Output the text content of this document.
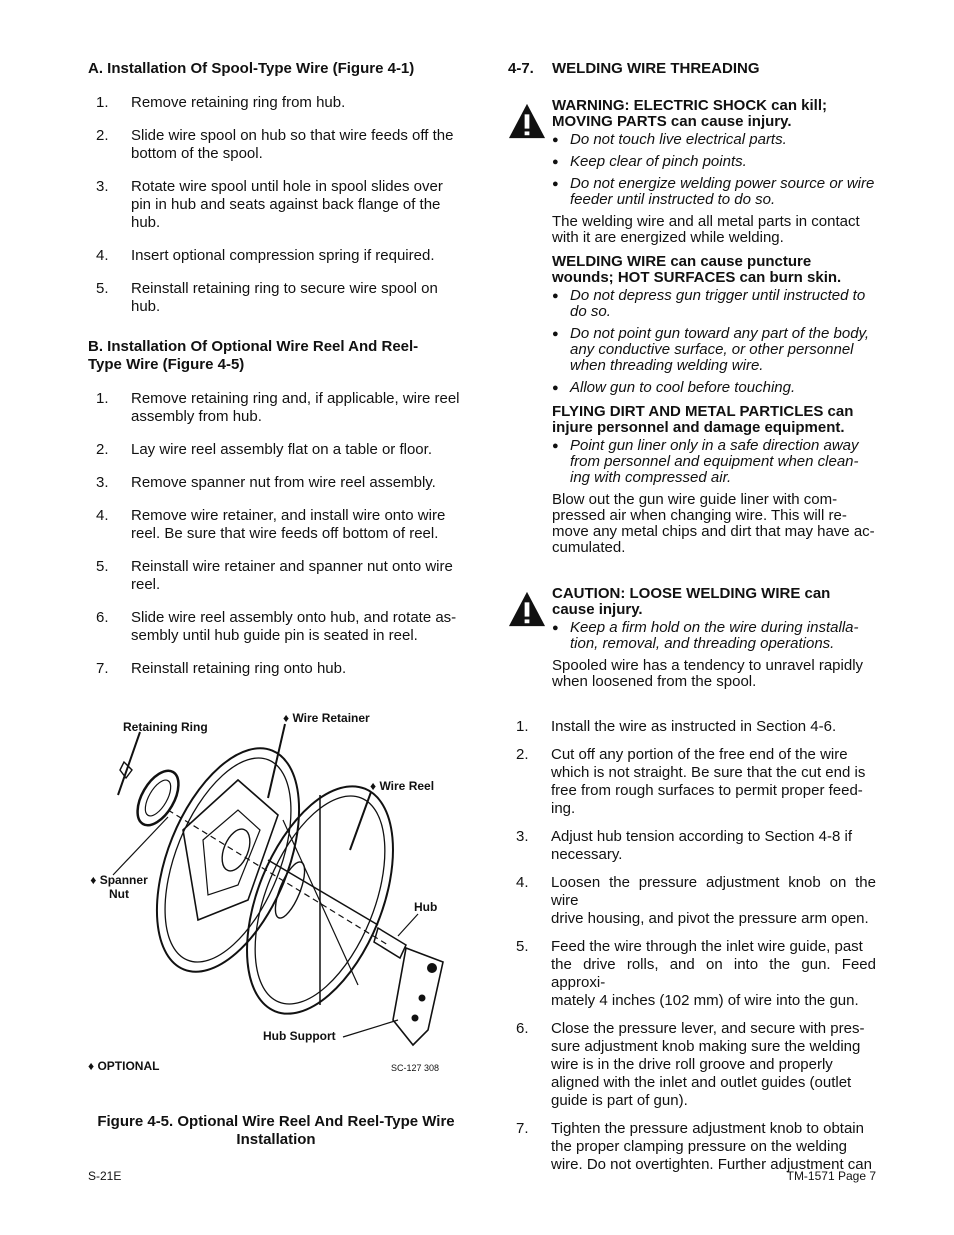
A. Installation Of Spool-Type Wire (Figure 4-1)
1.	Remove retaining ring from hub.
2.	Slide wire spool on hub so that wire feeds off the
bottom of the spool.
3.	Rotate wire spool until hole in spool slides over
pin in hub and seats against back flange of the
hub.
4.	Insert optional compression spring if required.
5.	Reinstall retaining ring to secure wire spool on
hub.
B. Installation Of Optional Wire Reel And Reel-
Type Wire (Figure 4-5)
1.	Remove retaining ring and, if applicable, wire reel
assembly from hub.
2.	Lay wire reel assembly flat on a table or floor.
3.	Remove spanner nut from wire reel assembly.
4.	Remove wire retainer, and install wire onto wire
reel. Be sure that wire feeds off bottom of reel.
5.	Reinstall wire retainer and spanner nut onto wire
reel.
6.	Slide wire reel assembly onto hub, and rotate as-
sembly until hub guide pin is seated in reel.
7.	Reinstall retaining ring onto hub.
Retaining Ring
♦ Wire Retainer
♦ Wire Reel
♦ Spanner
Nut
Hub
Hub Support
♦ OPTIONAL	SC-127 308
Figure 4-5. Optional Wire Reel And Reel-Type Wire
Installation
4-7.	WELDING WIRE THREADING

WARNING: ELECTRIC SHOCK can kill;
MOVING PARTS can cause injury.

● Do not touch live electrical parts.
● Keep clear of pinch points.
● Do not energize welding power source or wire
feeder until instructed to do so.
The welding wire and all metal parts in contact
with it are energized while welding.
WELDING WIRE can cause puncture
wounds; HOT SURFACES can burn skin.
● Do not depress gun trigger until instructed to
do so.
● Do not point gun toward any part of the body,
any conductive surface, or other personnel
when threading welding wire.
● Allow gun to cool before touching.
FLYING DIRT AND METAL PARTICLES can
injure personnel and damage equipment.
● Point gun liner only in a safe direction away
from personnel and equipment when clean-
ing with compressed air.
Blow out the gun wire guide liner with com-
pressed air when changing wire. This will re-
move any metal chips and dirt that may have ac-
cumulated.

CAUTION: LOOSE WELDING WIRE can
cause injury.

● Keep a firm hold on the wire during installa-
tion, removal, and threading operations.
Spooled wire has a tendency to unravel rapidly
when loosened from the spool.
1.	Install the wire as instructed in Section 4-6.
2.	Cut off any portion of the free end of the wire
which is not straight. Be sure that the cut end is
free from rough surfaces to permit proper feed-
ing.
3.	Adjust hub tension according to Section 4-8 if
necessary.
4.	Loosen the pressure adjustment knob on the wire
drive housing, and pivot the pressure arm open.
5.	Feed the wire through the inlet wire guide, past
the drive rolls, and on into the gun. Feed approxi-
mately 4 inches (102 mm) of wire into the gun.
6.	Close the pressure lever, and secure with pres-
sure adjustment knob making sure the welding
wire is in the drive roll groove and properly
aligned with the inlet and outlet guides (outlet
guide is part of gun).
7.	Tighten the pressure adjustment knob to obtain
the proper clamping pressure on the welding
wire. Do not overtighten. Further adjustment can
S-21E	TM-1571 Page 7
